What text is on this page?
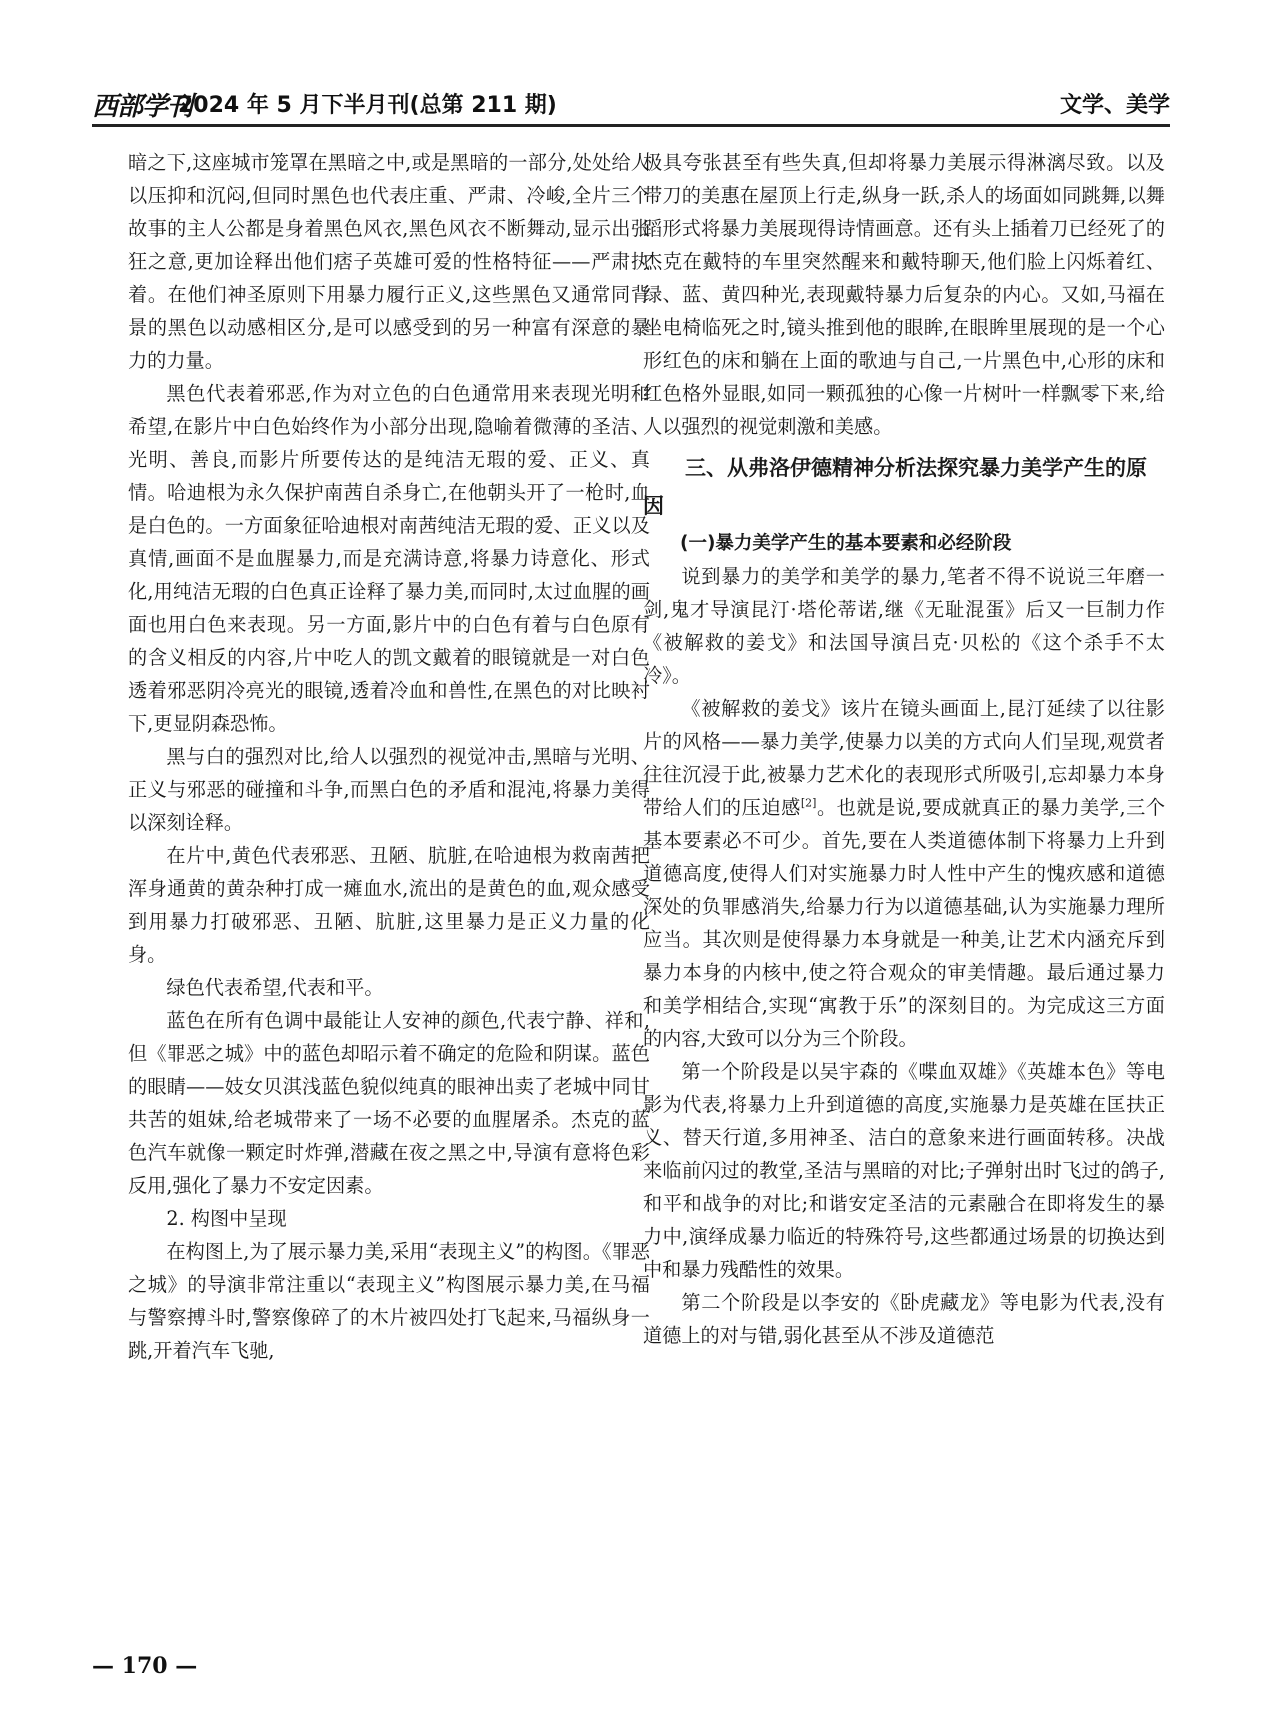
西部学刊
2024 年 5 月下半月刊(总第 211 期)	文学、美学

暗之下,这座城市笼罩在黑暗之中,或是黑暗的一部分,处处给人以压抑和沉闷,但同时黑色也代表庄重、严肃、冷峻,全片三个故事的主人公都是身着黑色风衣,黑色风衣不断舞动,显示出张狂之意,更加诠释出他们痞子英雄可爱的性格特征——严肃执着。在他们神圣原则下用暴力履行正义,这些黑色又通常同背景的黑色以动感相区分,是可以感受到的另一种富有深意的暴力的力量。

黑色代表着邪恶,作为对立色的白色通常用来表现光明和希望,在影片中白色始终作为小部分出现,隐喻着微薄的圣洁、光明、善良,而影片所要传达的是纯洁无瑕的爱、正义、真情。哈迪根为永久保护南茜自杀身亡,在他朝头开了一枪时,血是白色的。一方面象征哈迪根对南茜纯洁无瑕的爱、正义以及真情,画面不是血腥暴力,而是充满诗意,将暴力诗意化、形式化,用纯洁无瑕的白色真正诠释了暴力美,而同时,太过血腥的画面也用白色来表现。另一方面,影片中的白色有着与白色原有的含义相反的内容,片中吃人的凯文戴着的眼镜就是一对白色透着邪恶阴冷亮光的眼镜,透着冷血和兽性,在黑色的对比映衬下,更显阴森恐怖。

黑与白的强烈对比,给人以强烈的视觉冲击,黑暗与光明、正义与邪恶的碰撞和斗争,而黑白色的矛盾和混沌,将暴力美得以深刻诠释。

在片中,黄色代表邪恶、丑陋、肮脏,在哈迪根为救南茜把浑身通黄的黄杂种打成一瘫血水,流出的是黄色的血,观众感受到用暴力打破邪恶、丑陋、肮脏,这里暴力是正义力量的化身。

绿色代表希望,代表和平。

蓝色在所有色调中最能让人安神的颜色,代表宁静、祥和,但《罪恶之城》中的蓝色却昭示着不确定的危险和阴谋。蓝色的眼睛——妓女贝淇浅蓝色貌似纯真的眼神出卖了老城中同甘共苦的姐妹,给老城带来了一场不必要的血腥屠杀。杰克的蓝色汽车就像一颗定时炸弹,潜藏在夜之黑之中,导演有意将色彩反用,强化了暴力不安定因素。

2. 构图中呈现

在构图上,为了展示暴力美,采用“表现主义”的构图。《罪恶之城》的导演非常注重以“表现主义”构图展示暴力美,在马福与警察搏斗时,警察像碎了的木片被四处打飞起来,马福纵身一跳,开着汽车飞驰,

极具夸张甚至有些失真,但却将暴力美展示得淋漓尽致。以及带刀的美惠在屋顶上行走,纵身一跃,杀人的场面如同跳舞,以舞蹈形式将暴力美展现得诗情画意。还有头上插着刀已经死了的杰克在戴特的车里突然醒来和戴特聊天,他们脸上闪烁着红、绿、蓝、黄四种光,表现戴特暴力后复杂的内心。又如,马福在坐电椅临死之时,镜头推到他的眼眸,在眼眸里展现的是一个心形红色的床和躺在上面的歌迪与自己,一片黑色中,心形的床和红色格外显眼,如同一颗孤独的心像一片树叶一样飘零下来,给人以强烈的视觉刺激和美感。

三、从弗洛伊德精神分析法探究暴力美学产生的原因
(一)暴力美学产生的基本要素和必经阶段

说到暴力的美学和美学的暴力,笔者不得不说说三年磨一剑,鬼才导演昆汀·塔伦蒂诺,继《无耻混蛋》后又一巨制力作《被解救的姜戈》和法国导演吕克·贝松的《这个杀手不太冷》。

《被解救的姜戈》该片在镜头画面上,昆汀延续了以往影片的风格——暴力美学,使暴力以美的方式向人们呈现,观赏者往往沉浸于此,被暴力艺术化的表现形式所吸引,忘却暴力本身带给人们的压迫感[2]。也就是说,要成就真正的暴力美学,三个基本要素必不可少。首先,要在人类道德体制下将暴力上升到道德高度,使得人们对实施暴力时人性中产生的愧疚感和道德深处的负罪感消失,给暴力行为以道德基础,认为实施暴力理所应当。其次则是使得暴力本身就是一种美,让艺术内涵充斥到暴力本身的内核中,使之符合观众的审美情趣。最后通过暴力和美学相结合,实现“寓教于乐”的深刻目的。为完成这三方面的内容,大致可以分为三个阶段。

第一个阶段是以吴宇森的《喋血双雄》《英雄本色》等电影为代表,将暴力上升到道德的高度,实施暴力是英雄在匡扶正义、替天行道,多用神圣、洁白的意象来进行画面转移。决战来临前闪过的教堂,圣洁与黑暗的对比;子弹射出时飞过的鸽子,和平和战争的对比;和谐安定圣洁的元素融合在即将发生的暴力中,演绎成暴力临近的特殊符号,这些都通过场景的切换达到中和暴力残酷性的效果。

第二个阶段是以李安的《卧虎藏龙》等电影为代表,没有道德上的对与错,弱化甚至从不涉及道德范

— 170 —
